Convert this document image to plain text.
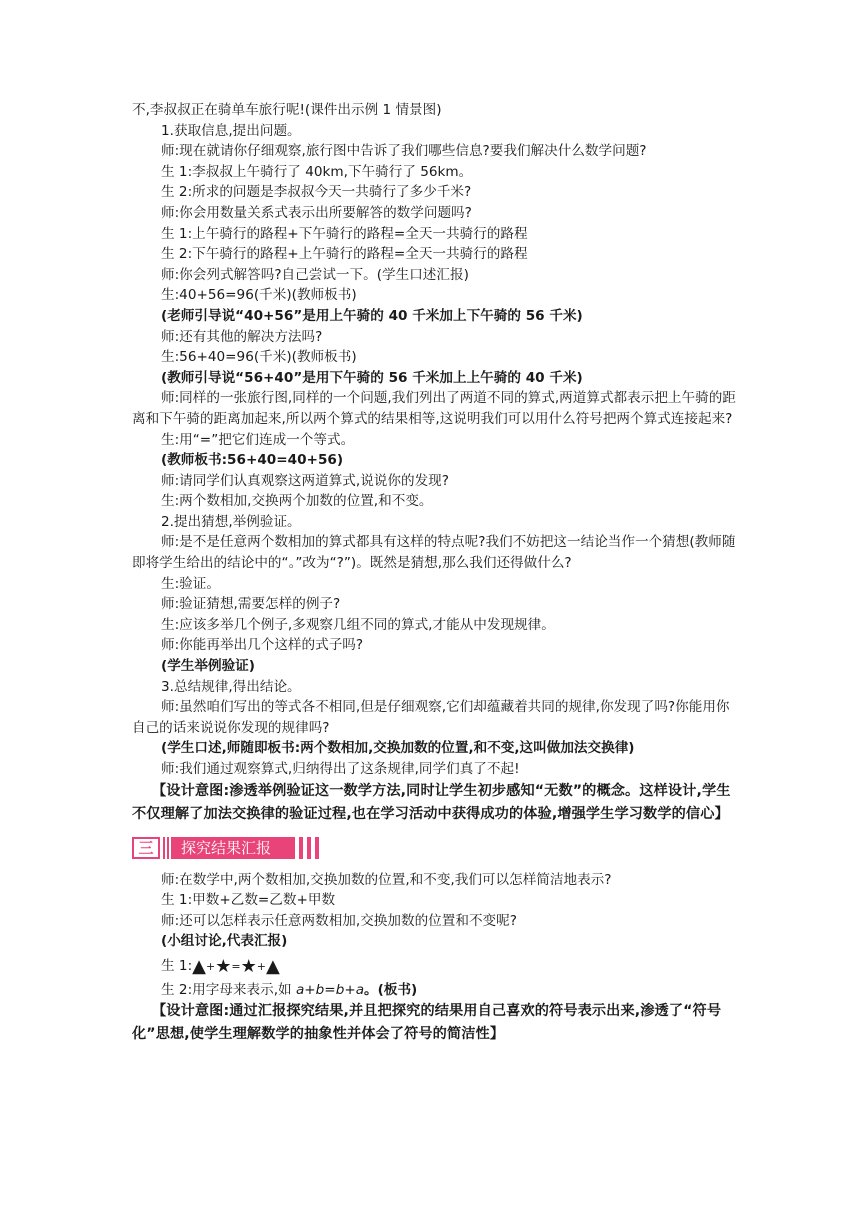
不,李叔叔正在骑单车旅行呢!(课件出示例 1 情景图)
1.获取信息,提出问题。
师:现在就请你仔细观察,旅行图中告诉了我们哪些信息?要我们解决什么数学问题?
生 1:李叔叔上午骑行了 40km,下午骑行了 56km。
生 2:所求的问题是李叔叔今天一共骑行了多少千米?
师:你会用数量关系式表示出所要解答的数学问题吗?
生 1:上午骑行的路程+下午骑行的路程=全天一共骑行的路程
生 2:下午骑行的路程+上午骑行的路程=全天一共骑行的路程
师:你会列式解答吗?自己尝试一下。(学生口述汇报)
生:40+56=96(千米)(教师板书)
(老师引导说“40+56”是用上午骑的 40 千米加上下午骑的 56 千米)
师:还有其他的解决方法吗?
生:56+40=96(千米)(教师板书)
(教师引导说“56+40”是用下午骑的 56 千米加上上午骑的 40 千米)
师:同样的一张旅行图,同样的一个问题,我们列出了两道不同的算式,两道算式都表示把上午骑的距离和下午骑的距离加起来,所以两个算式的结果相等,这说明我们可以用什么符号把两个算式连接起来?
生:用“=”把它们连成一个等式。
(教师板书:56+40=40+56)
师:请同学们认真观察这两道算式,说说你的发现?
生:两个数相加,交换两个加数的位置,和不变。
2.提出猜想,举例验证。
师:是不是任意两个数相加的算式都具有这样的特点呢?我们不妨把这一结论当作一个猜想(教师随即将学生给出的结论中的“。”改为“?”)。既然是猜想,那么我们还得做什么?
生:验证。
师:验证猜想,需要怎样的例子?
生:应该多举几个例子,多观察几组不同的算式,才能从中发现规律。
师:你能再举出几个这样的式子吗?
(学生举例验证)
3.总结规律,得出结论。
师:虽然咱们写出的等式各不相同,但是仔细观察,它们却蕴藏着共同的规律,你发现了吗?你能用你自己的话来说说你发现的规律吗?
(学生口述,师随即板书:两个数相加,交换加数的位置,和不变,这叫做加法交换律)
师:我们通过观察算式,归纳得出了这条规律,同学们真了不起!
【设计意图:渗透举例验证这一数学方法,同时让学生初步感知“无数”的概念。这样设计,学生不仅理解了加法交换律的验证过程,也在学习活动中获得成功的体验,增强学生学习数学的信心】
三	探究结果汇报
师:在数学中,两个数相加,交换加数的位置,和不变,我们可以怎样简洁地表示?
生 1:甲数+乙数=乙数+甲数
师:还可以怎样表示任意两数相加,交换加数的位置和不变呢?
(小组讨论,代表汇报)
生 1:▲+★=★+▲
生 2:用字母来表示,如 a+b=b+a。(板书)
【设计意图:通过汇报探究结果,并且把探究的结果用自己喜欢的符号表示出来,渗透了“符号化”思想,使学生理解数学的抽象性并体会了符号的简洁性】
